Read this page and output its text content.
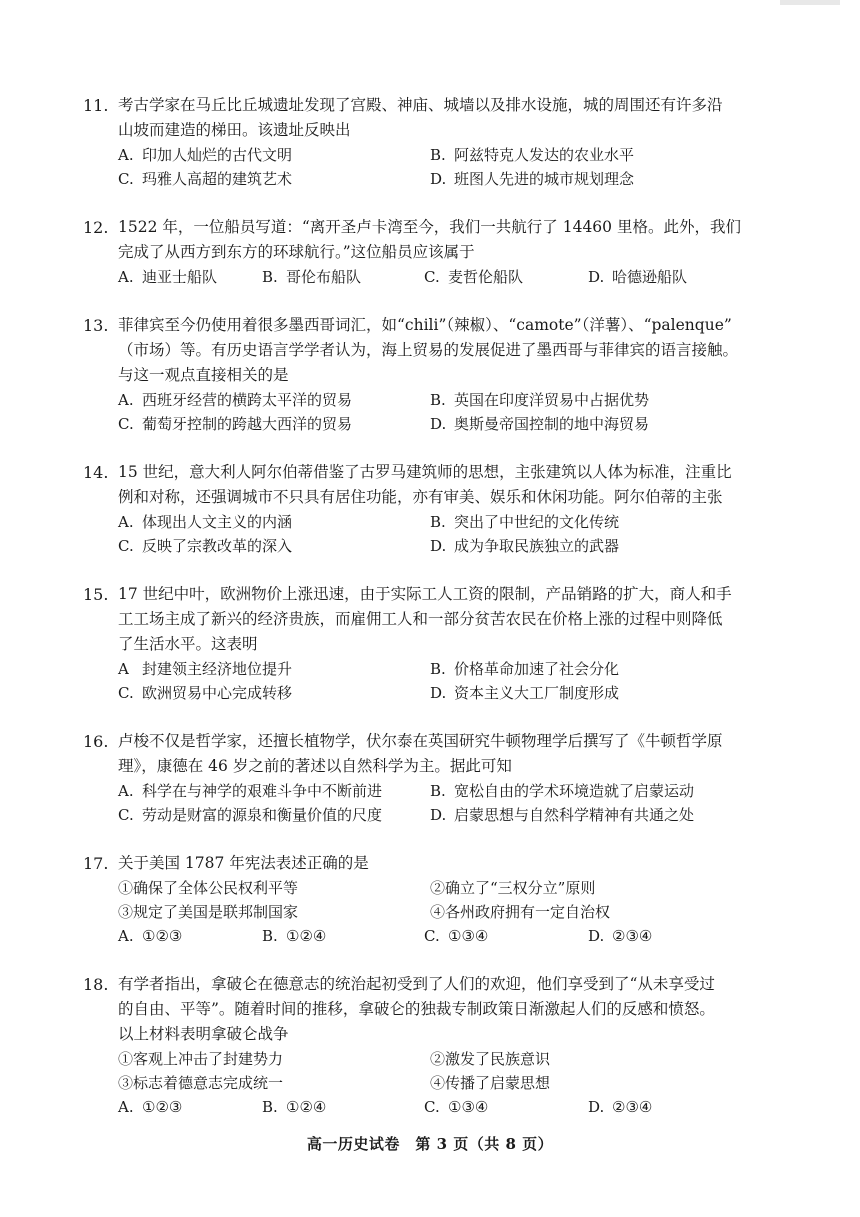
11. 考古学家在马丘比丘城遗址发现了宫殿、神庙、城墙以及排水设施，城的周围还有许多沿
山坡而建造的梯田。该遗址反映出
A. 印加人灿烂的古代文明	B. 阿兹特克人发达的农业水平
C. 玛雅人高超的建筑艺术	D. 班图人先进的城市规划理念
12. 1522 年，一位船员写道：“离开圣卢卡湾至今，我们一共航行了 14460 里格。此外，我们
完成了从西方到东方的环球航行。”这位船员应该属于
A. 迪亚士船队	B. 哥伦布船队	C. 麦哲伦船队	D. 哈德逊船队
13. 菲律宾至今仍使用着很多墨西哥词汇，如“chili”（辣椒）、“camote”（洋薯）、“palenque”
（市场）等。有历史语言学学者认为，海上贸易的发展促进了墨西哥与菲律宾的语言接触。
与这一观点直接相关的是
A. 西班牙经营的横跨太平洋的贸易	B. 英国在印度洋贸易中占据优势
C. 葡萄牙控制的跨越大西洋的贸易	D. 奥斯曼帝国控制的地中海贸易
14. 15 世纪，意大利人阿尔伯蒂借鉴了古罗马建筑师的思想，主张建筑以人体为标准，注重比
例和对称，还强调城市不只具有居住功能，亦有审美、娱乐和休闲功能。阿尔伯蒂的主张
A. 体现出人文主义的内涵	B. 突出了中世纪的文化传统
C. 反映了宗教改革的深入	D. 成为争取民族独立的武器
15. 17 世纪中叶，欧洲物价上涨迅速，由于实际工人工资的限制，产品销路的扩大，商人和手
工工场主成了新兴的经济贵族，而雇佣工人和一部分贫苦农民在价格上涨的过程中则降低
了生活水平。这表明
A 封建领主经济地位提升	B. 价格革命加速了社会分化
C. 欧洲贸易中心完成转移	D. 资本主义大工厂制度形成
16. 卢梭不仅是哲学家，还擅长植物学，伏尔泰在英国研究牛顿物理学后撰写了《牛顿哲学原
理》，康德在 46 岁之前的著述以自然科学为主。据此可知
A. 科学在与神学的艰难斗争中不断前进	B. 宽松自由的学术环境造就了启蒙运动
C. 劳动是财富的源泉和衡量价值的尺度	D. 启蒙思想与自然科学精神有共通之处
17. 关于美国 1787 年宪法表述正确的是
①确保了全体公民权利平等	②确立了“三权分立”原则
③规定了美国是联邦制国家	④各州政府拥有一定自治权
A. ①②③	B. ①②④	C. ①③④	D. ②③④
18. 有学者指出，拿破仑在德意志的统治起初受到了人们的欢迎，他们享受到了“从未享受过
的自由、平等”。随着时间的推移，拿破仑的独裁专制政策日渐激起人们的反感和愤怒。
以上材料表明拿破仑战争
①客观上冲击了封建势力	②激发了民族意识
③标志着德意志完成统一	④传播了启蒙思想
A. ①②③	B. ①②④	C. ①③④	D. ②③④
高一历史试卷　第 3 页（共 8 页）
